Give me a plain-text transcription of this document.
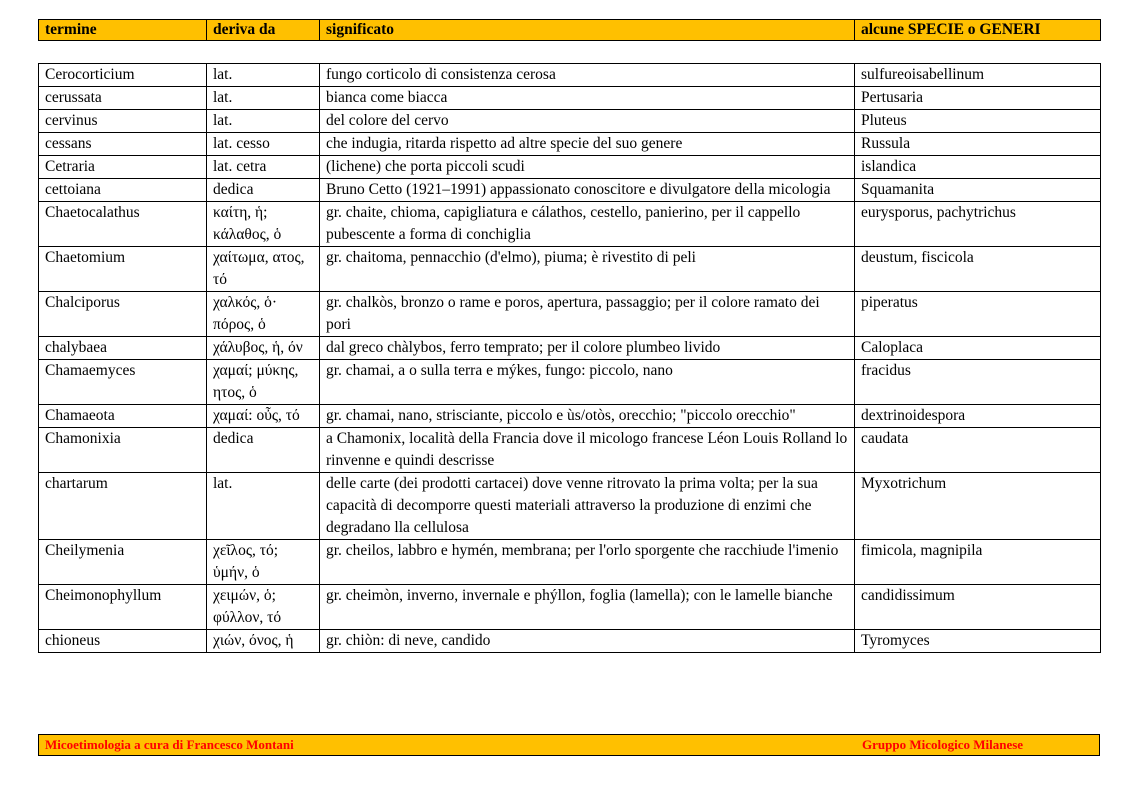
termine	deriva da	significato	alcune SPECIE o GENERI
Cerocorticium	lat.	fungo corticolo di consistenza cerosa	sulfureoisabellinum
cerussata	lat.	bianca come biacca	Pertusaria
cervinus	lat.	del colore del cervo	Pluteus
cessans	lat. cesso	che indugia, ritarda rispetto ad altre specie del suo genere	Russula
Cetraria	lat. cetra	(lichene) che porta piccoli scudi	islandica
cettoiana	dedica	Bruno Cetto (1921–1991) appassionato conoscitore e divulgatore della micologia	Squamanita
Chaetocalathus	καίτη, ἡ; κάλαθος, ὁ	gr. chaite, chioma, capigliatura e cálathos, cestello, panierino, per il cappello pubescente a forma di conchiglia	eurysporus, pachytrichus
Chaetomium	χαίτωμα, ατος, τό	gr. chaitoma, pennacchio (d'elmo), piuma; è rivestito di peli	deustum, fiscicola
Chalciporus	χαλκός, ὁ· πόρος, ὁ	gr. chalkòs, bronzo o rame e poros, apertura, passaggio; per il colore ramato dei pori	piperatus
chalybaea	χάλυβος, ἡ, όν	dal greco chàlybos, ferro temprato; per il colore plumbeo livido	Caloplaca
Chamaemyces	χαμαί; μύκης, ητος, ὁ	gr. chamai, a o sulla terra e mýkes, fungo: piccolo, nano	fracidus
Chamaeota	χαμαί: οὖς, τό	gr. chamai, nano, strisciante, piccolo e ùs/otòs, orecchio; "piccolo orecchio"	dextrinoidespora
Chamonixia	dedica	a Chamonix, località della Francia dove il micologo francese Léon Louis Rolland lo rinvenne e quindi descrisse	caudata
chartarum	lat.	delle carte (dei prodotti cartacei) dove venne ritrovato la prima volta; per la sua capacità di decomporre questi materiali attraverso la produzione di enzimi che degradano lla cellulosa	Myxotrichum
Cheilymenia	χεῖλος, τό; ὑμήν, ὁ	gr. cheilos, labbro e hymén, membrana; per l'orlo sporgente che racchiude l'imenio	fimicola, magnipila
Cheimonophyllum	χειμών, ὁ; φύλλον, τό	gr. cheimòn, inverno, invernale e phýllon, foglia (lamella); con le lamelle bianche	candidissimum
chioneus	χιών, όνος, ἡ	gr. chiòn: di neve, candido	Tyromyces
Micoetimologia a cura di Francesco Montani	Gruppo Micologico Milanese
